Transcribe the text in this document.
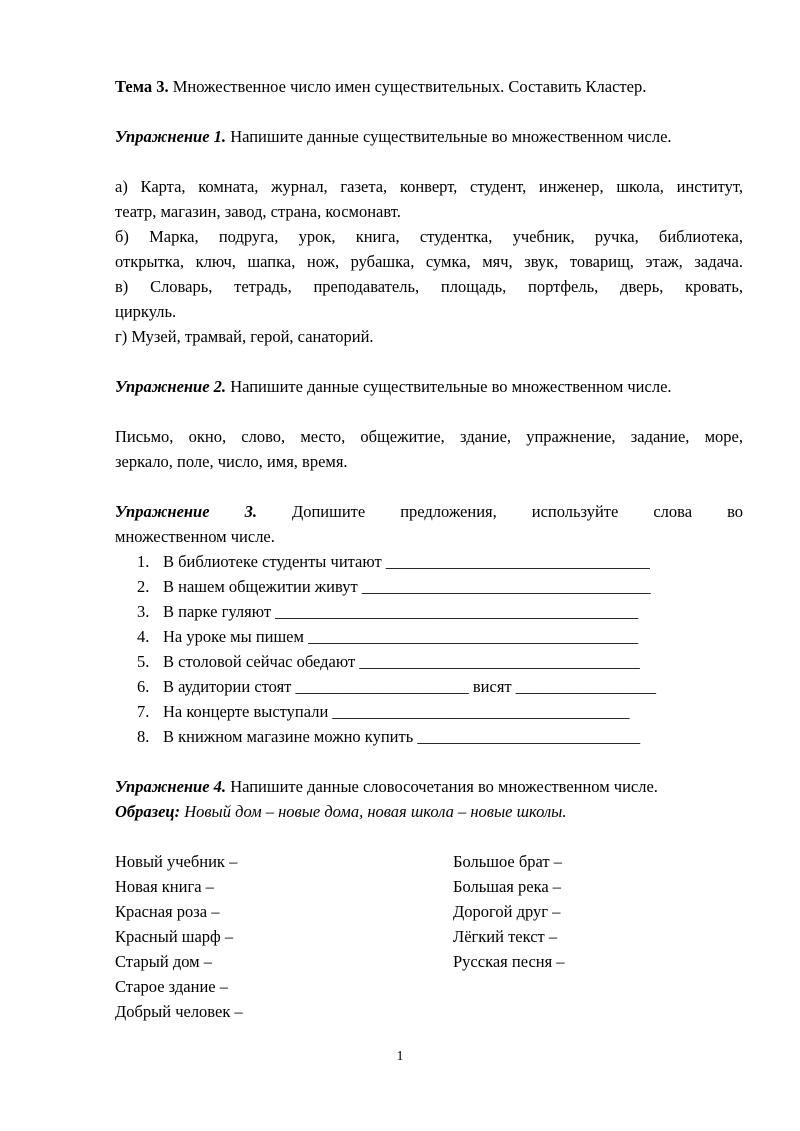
Тема 3. Множественное число имен существительных. Составить Кластер.

Упражнение 1. Напишите данные существительные во множественном числе.

а) Карта, комната, журнал, газета, конверт, студент, инженер, школа, институт,

театр, магазин, завод, страна, космонавт.

б) Марка, подруга, урок, книга, студентка, учебник, ручка, библиотека,

открытка, ключ, шапка, нож, рубашка, сумка, мяч, звук, товарищ, этаж, задача.

в) Словарь, тетрадь, преподаватель, площадь, портфель, дверь, кровать,

циркуль.

г) Музей, трамвай, герой, санаторий.

Упражнение 2. Напишите данные существительные во множественном числе.

Письмо, окно, слово, место, общежитие, здание, упражнение, задание, море,

зеркало, поле, число, имя, время.

Упражнение 3. Допишите предложения, используйте слова во

множественном числе.

1. В библиотеке студенты читают ________________________________
2. В нашем общежитии живут ___________________________________
3. В парке гуляют ____________________________________________
4. На уроке мы пишем ________________________________________
5. В столовой сейчас обедают __________________________________
6. В аудитории стоят _____________________ висят _________________
7. На концерте выступали ____________________________________
8. В книжном магазине можно купить ___________________________

Упражнение 4. Напишите данные словосочетания во множественном числе.

Образец: Новый дом – новые дома, новая школа – новые школы.

Новый учебник –

Новая книга –

Красная роза –

Красный шарф –

Старый дом –

Старое здание –

Добрый человек –

Большое брат –

Большая река –

Дорогой друг –

Лёгкий текст –

Русская песня –

1
